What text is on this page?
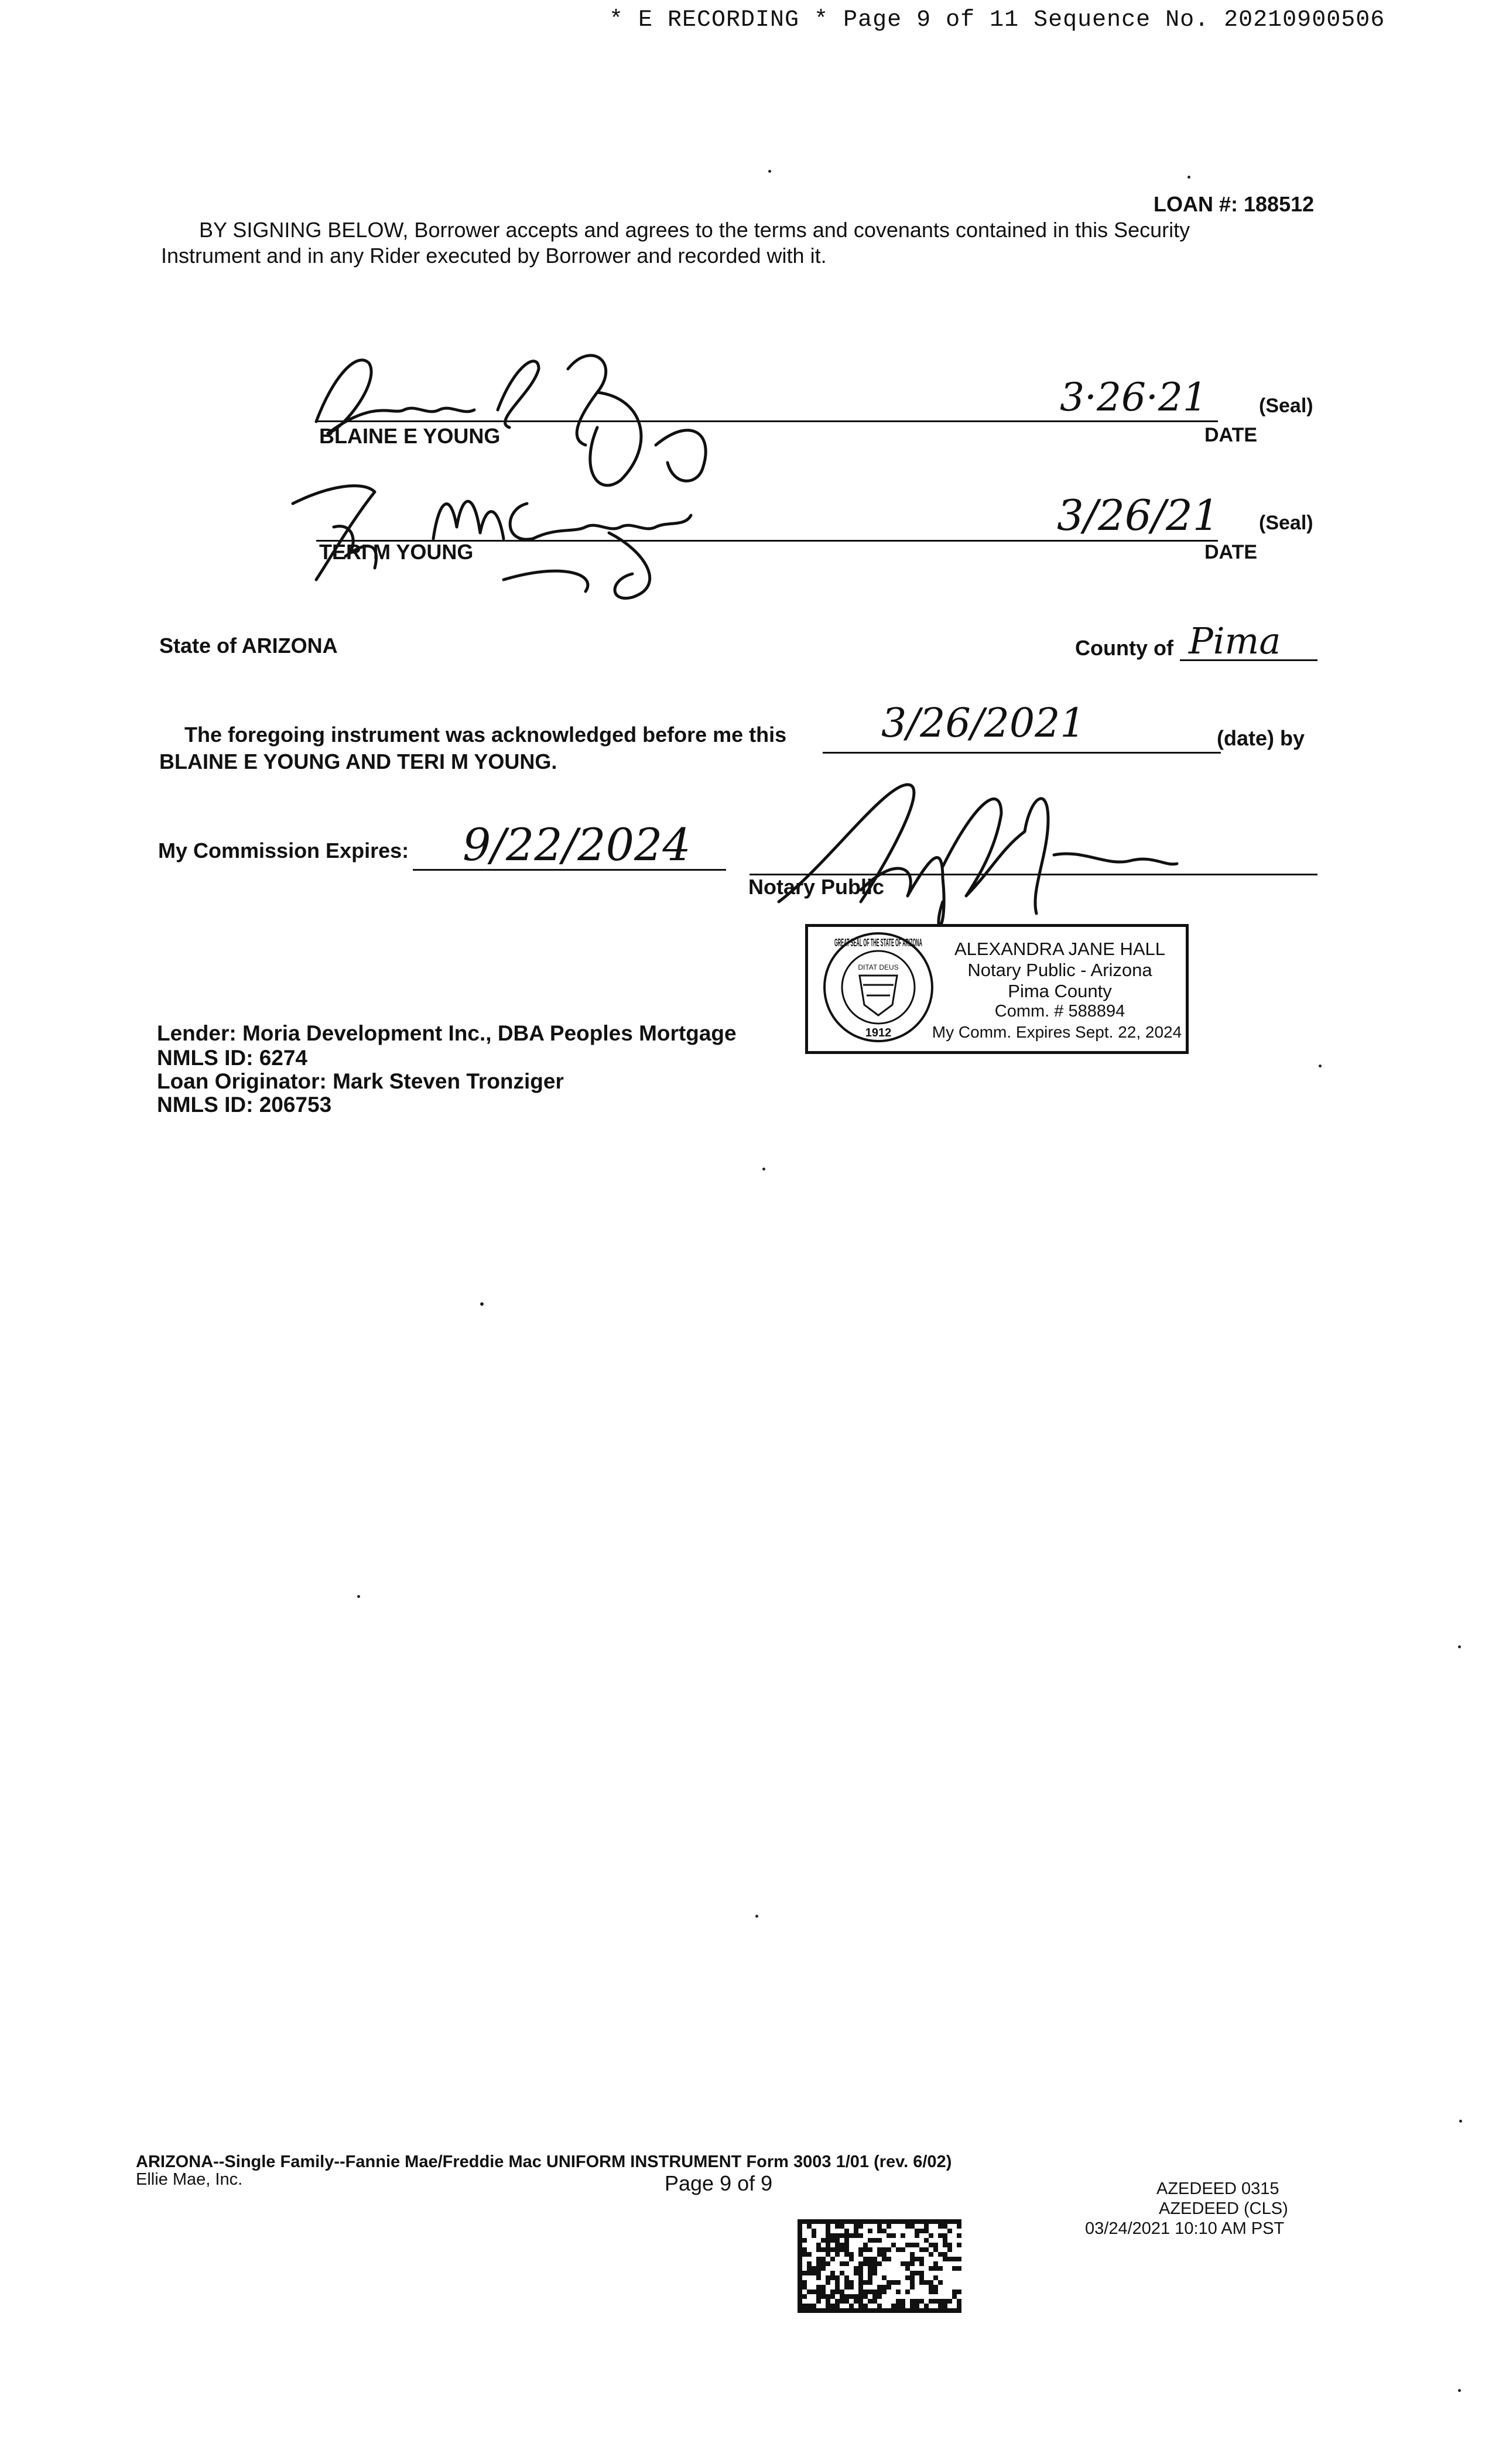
* E RECORDING * Page 9 of 11 Sequence No. 20210900506
LOAN #: 188512
BY SIGNING BELOW, Borrower accepts and agrees to the terms and covenants contained in this Security
Instrument and in any Rider executed by Borrower and recorded with it.
BLAINE E YOUNG
3·26·21	(Seal)
DATE
TERI M YOUNG
3/26/21 (Seal)
DATE
State of ARIZONA	County of Pima
The foregoing instrument was acknowledged before me this 3/26/2021	(date) by
BLAINE E YOUNG AND TERI M YOUNG.
My Commission Expires: 9/22/2024
Notary Public
DITAT DEUS
GREAT SEAL OF THE STATE OF ARIZONA
1912
ALEXANDRA JANE HALL
Notary Public - Arizona
Pima County
Comm. # 588894
My Comm. Expires Sept. 22, 2024
Lender: Moria Development Inc., DBA Peoples Mortgage
NMLS ID: 6274
Loan Originator: Mark Steven Tronziger
NMLS ID: 206753
ARIZONA--Single Family--Fannie Mae/Freddie Mac UNIFORM INSTRUMENT Form 3003 1/01 (rev. 6/02)
Ellie Mae, Inc.	Page 9 of 9	AZEDEED 0315
AZEDEED (CLS)
03/24/2021 10:10 AM PST
